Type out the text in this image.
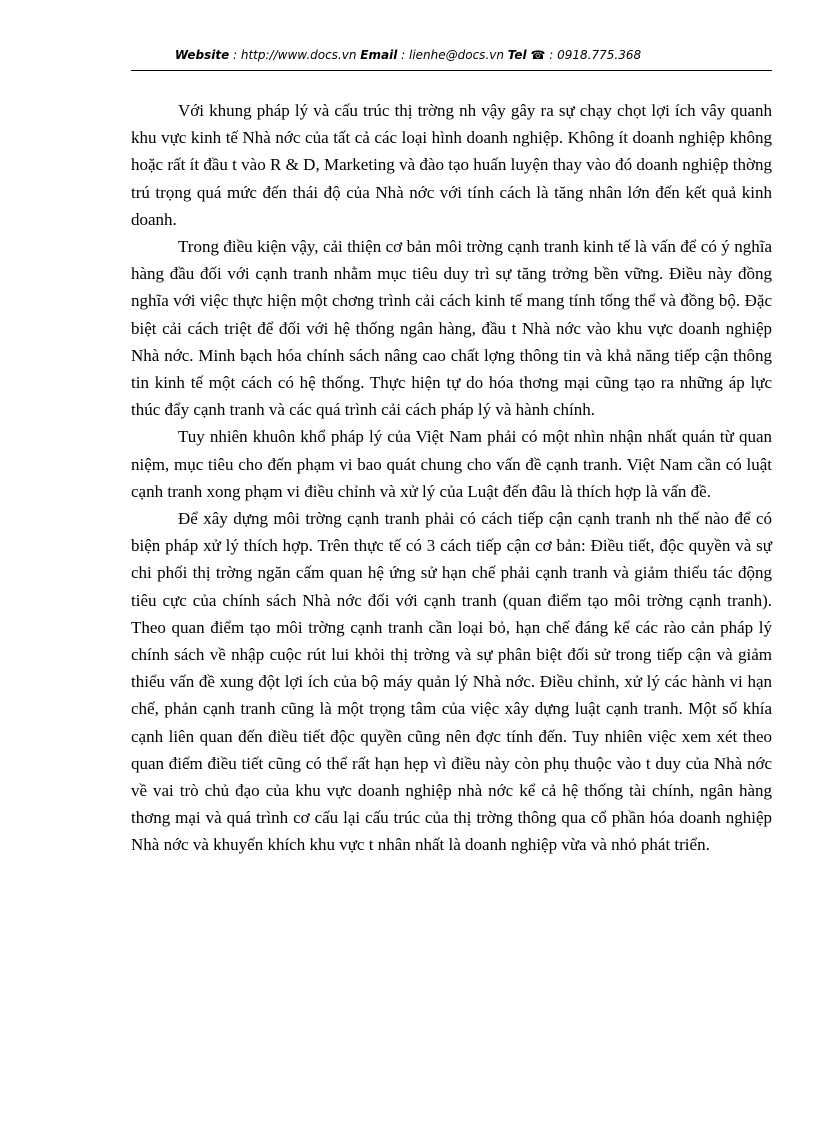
Website : http://www.docs.vn Email : lienhe@docs.vn Tel ☎ : 0918.775.368

Với khung pháp lý và cấu trúc thị trờng nh vậy gây ra sự chạy chọt lợi ích vây quanh khu vực kinh tế Nhà nớc của tất cả các loại hình doanh nghiệp. Không ít doanh nghiệp không hoặc rất ít đầu t vào R & D, Marketing và đào tạo huấn luyện thay vào đó doanh nghiệp thờng trú trọng quá mức đến thái độ của Nhà nớc với tính cách là tăng nhân lớn đến kết quả kinh doanh.

Trong điều kiện vậy, cải thiện cơ bản môi trờng cạnh tranh kinh tế là vấn để có ý nghĩa hàng đầu đối với cạnh tranh nhằm mục tiêu duy trì sự tăng trởng bền vững. Điều này đồng nghĩa với việc thực hiện một chơng trình cải cách kinh tế mang tính tổng thể và đồng bộ. Đặc biệt cải cách triệt để đối với hệ thống ngân hàng, đầu t Nhà nớc vào khu vực doanh nghiệp Nhà nớc. Minh bạch hóa chính sách nâng cao chất lợng thông tin và khả năng tiếp cận thông tin kinh tế một cách có hệ thống. Thực hiện tự do hóa thơng mại cũng tạo ra những áp lực thúc đẩy cạnh tranh và các quá trình cải cách pháp lý và hành chính.

Tuy nhiên khuôn khổ pháp lý của Việt Nam phải có một nhìn nhận nhất quán từ quan niệm, mục tiêu cho đến phạm vi bao quát chung cho vấn đề cạnh tranh. Việt Nam cần có luật cạnh tranh xong phạm vi điều chỉnh và xử lý của Luật đến đâu là thích hợp là vấn đề.

Để xây dựng môi trờng cạnh tranh phải có cách tiếp cận cạnh tranh nh thế nào để có biện pháp xử lý thích hợp. Trên thực tế có 3 cách tiếp cận cơ bản: Điều tiết, độc quyền và sự chi phối thị trờng ngăn cấm quan hệ ứng sử hạn chế phải cạnh tranh và giảm thiểu tác động tiêu cực của chính sách Nhà nớc đối với cạnh tranh (quan điểm tạo môi trờng cạnh tranh). Theo quan điểm tạo môi trờng cạnh tranh cần loại bỏ, hạn chế đáng kể các rào cản pháp lý chính sách về nhập cuộc rút lui khỏi thị trờng và sự phân biệt đối sử trong tiếp cận và giảm thiểu vấn đề xung đột lợi ích của bộ máy quản lý Nhà nớc. Điều chỉnh, xử lý các hành vi hạn chế, phản cạnh tranh cũng là một trọng tâm của việc xây dựng luật cạnh tranh. Một số khía cạnh liên quan đến điều tiết độc quyền cũng nên đợc tính đến. Tuy nhiên việc xem xét theo quan điểm điều tiết cũng có thể rất hạn hẹp vì điều này còn phụ thuộc vào t duy của Nhà nớc về vai trò chủ đạo của khu vực doanh nghiệp nhà nớc kể cả hệ thống tài chính, ngân hàng thơng mại và quá trình cơ cấu lại cấu trúc của thị trờng thông qua cổ phần hóa doanh nghiệp Nhà nớc và khuyến khích khu vực t nhân nhất là doanh nghiệp vừa và nhỏ phát triển.
